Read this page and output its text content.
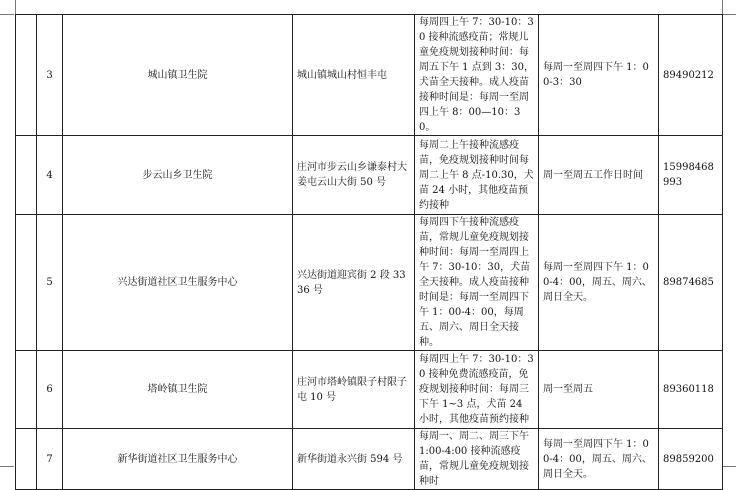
	3	城山镇卫生院	城山镇城山村恒丰屯	每周四上午 7：30-10：30 接种流感疫苗；常规儿童免疫规划接种时间：每周五下午 1 点到 3：30，犬苗全天接种。成人疫苗接种时间是：每周一至周四上午 8：00—10：30。	每周一至周四下午 1：00-3：30	89490212
	4	步云山乡卫生院	庄河市步云山乡谦泰村大姜屯云山大街 50 号	每周二上午接种流感疫苗，免疫规划接种时间每周二上午 8 点-10.30，犬苗 24 小时，其他疫苗预约接种	周一至周五工作日时间	15998468993
	5	兴达街道社区卫生服务中心	兴达街道迎宾街 2 段 3336 号	每周四下午接种流感疫苗，常规儿童免疫规划接种时间：每周一至周四上午 7：30-10：30，犬苗全天接种。成人疫苗接种时间是：每周一至周四下午 1：00-4：00，每周五、周六、周日全天接种。	每周一至周四下午 1：00-4：00，周五、周六、周日全天。	89874685
	6	塔岭镇卫生院	庄河市塔岭镇限子村限子屯 10 号	每周四上午 7：30-10：30 接种免费流感疫苗，免疫规划接种时间：每周三下午 1~3 点，犬苗 24 小时，其他疫苗预约接种	周一至周五	89360118
	7	新华街道社区卫生服务中心	新华街道永兴街 594 号	每周一、周二、周三下午 1:00-4:00 接种流感疫苗，常规儿童免疫规划接种时	每周一至周四下午 1：00-4：00，周五、周六、周日全天。	89859200
